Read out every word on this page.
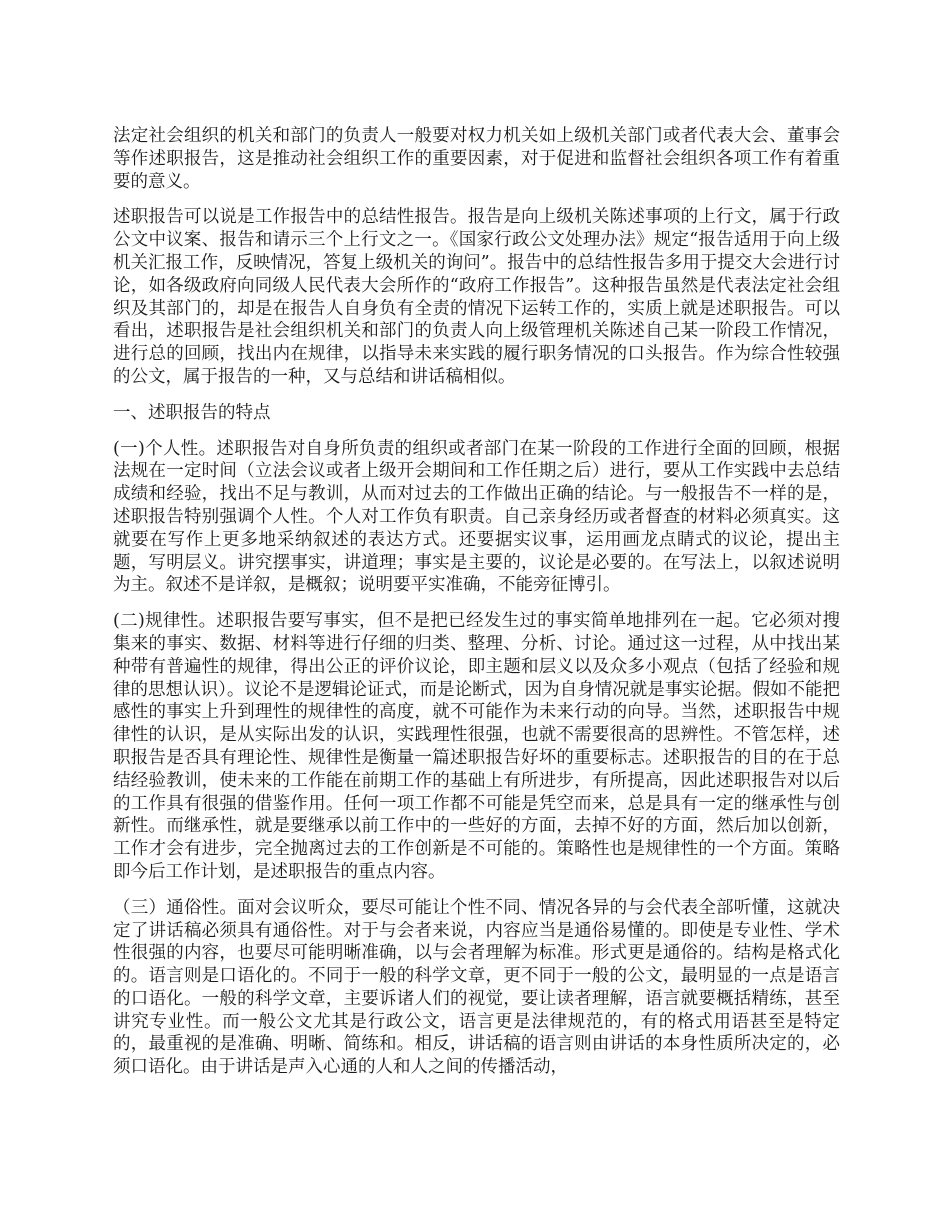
法定社会组织的机关和部门的负责人一般要对权力机关如上级机关部门或者代表大会、董事会等作述职报告，这是推动社会组织工作的重要因素，对于促进和监督社会组织各项工作有着重要的意义。

述职报告可以说是工作报告中的总结性报告。报告是向上级机关陈述事项的上行文，属于行政公文中议案、报告和请示三个上行文之一。《国家行政公文处理办法》规定“报告适用于向上级机关汇报工作，反映情况，答复上级机关的询问”。报告中的总结性报告多用于提交大会进行讨论，如各级政府向同级人民代表大会所作的“政府工作报告”。这种报告虽然是代表法定社会组织及其部门的，却是在报告人自身负有全责的情况下运转工作的，实质上就是述职报告。可以看出，述职报告是社会组织机关和部门的负责人向上级管理机关陈述自己某一阶段工作情况，进行总的回顾，找出内在规律，以指导未来实践的履行职务情况的口头报告。作为综合性较强的公文，属于报告的一种，又与总结和讲话稿相似。

一、述职报告的特点

(一)个人性。述职报告对自身所负责的组织或者部门在某一阶段的工作进行全面的回顾，根据法规在一定时间（立法会议或者上级开会期间和工作任期之后）进行，要从工作实践中去总结成绩和经验，找出不足与教训，从而对过去的工作做出正确的结论。与一般报告不一样的是，述职报告特别强调个人性。个人对工作负有职责。自己亲身经历或者督查的材料必须真实。这就要在写作上更多地采纳叙述的表达方式。还要据实议事，运用画龙点睛式的议论，提出主题，写明层义。讲究摆事实，讲道理；事实是主要的，议论是必要的。在写法上，以叙述说明为主。叙述不是详叙，是概叙；说明要平实准确，不能旁征博引。

(二)规律性。述职报告要写事实，但不是把已经发生过的事实简单地排列在一起。它必须对搜集来的事实、数据、材料等进行仔细的归类、整理、分析、讨论。通过这一过程，从中找出某种带有普遍性的规律，得出公正的评价议论，即主题和层义以及众多小观点（包括了经验和规律的思想认识）。议论不是逻辑论证式，而是论断式，因为自身情况就是事实论据。假如不能把感性的事实上升到理性的规律性的高度，就不可能作为未来行动的向导。当然，述职报告中规律性的认识，是从实际出发的认识，实践理性很强，也就不需要很高的思辨性。不管怎样，述职报告是否具有理论性、规律性是衡量一篇述职报告好坏的重要标志。述职报告的目的在于总结经验教训，使未来的工作能在前期工作的基础上有所进步，有所提高，因此述职报告对以后的工作具有很强的借鉴作用。任何一项工作都不可能是凭空而来，总是具有一定的继承性与创新性。而继承性，就是要继承以前工作中的一些好的方面，去掉不好的方面，然后加以创新，工作才会有进步，完全抛离过去的工作创新是不可能的。策略性也是规律性的一个方面。策略即今后工作计划，是述职报告的重点内容。

（三）通俗性。面对会议听众，要尽可能让个性不同、情况各异的与会代表全部听懂，这就决定了讲话稿必须具有通俗性。对于与会者来说，内容应当是通俗易懂的。即使是专业性、学术性很强的内容，也要尽可能明晰准确，以与会者理解为标准。形式更是通俗的。结构是格式化的。语言则是口语化的。不同于一般的科学文章，更不同于一般的公文，最明显的一点是语言的口语化。一般的科学文章，主要诉诸人们的视觉，要让读者理解，语言就要概括精练，甚至讲究专业性。而一般公文尤其是行政公文，语言更是法律规范的，有的格式用语甚至是特定的，最重视的是准确、明晰、简练和。相反，讲话稿的语言则由讲话的本身性质所决定的，必须口语化。由于讲话是声入心通的人和人之间的传播活动，
